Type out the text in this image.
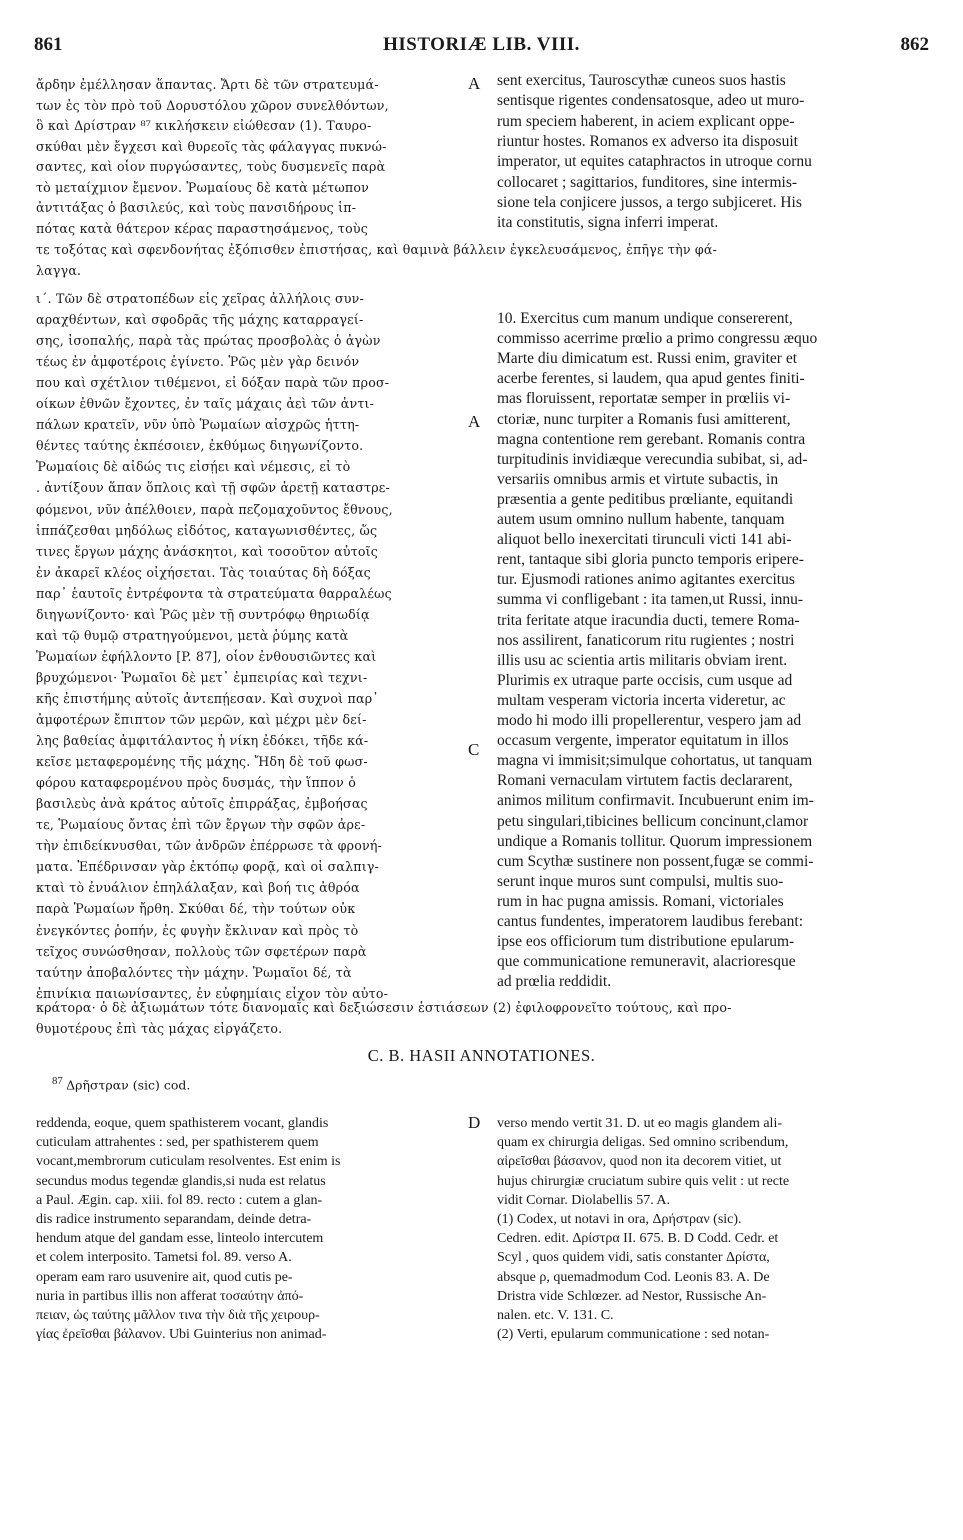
861	HISTORIÆ LIB. VIII.	862
ἄρδην ἐμέλλησαν ἅπαντας. Ἄρτι δὲ τῶν στρατευμά-
των ἐς τὸν πρὸ τοῦ Δορυστόλου χῶρον συνελθόντων,
ὃ καὶ Δρίστραν ⁸⁷ κικλήσκειν εἰώθεσαν (1). Ταυρο-
σκύθαι μὲν ἔγχεσι καὶ θυρεοῖς τὰς φάλαγγας πυκνώ-
σαντες, καὶ οἷον πυργώσαντες, τοὺς δυσμενεῖς παρὰ
τὸ μεταίχμιον ἔμενον. Ῥωμαίους δὲ κατὰ μέτωπον
ἀντιτάξας ὁ βασιλεύς, καὶ τοὺς πανσιδήρους ἱπ-
πότας κατὰ θάτερον κέρας παραστησάμενος, τοὺς
τε τοξότας καὶ σφενδονήτας ἐξόπισθεν ἐπιστήσας, καὶ θαμινὰ βάλλειν ἐγκελευσάμενος, ἐπῆγε τὴν φά-
λαγγα.
ι΄. Τῶν δὲ στρατοπέδων εἰς χεῖρας ἀλλήλοις συν-
αραχθέντων, καὶ σφοδρᾶς τῆς μάχης καταρραγεί-
σης, ἰσοπαλής, παρὰ τὰς πρώτας προσβολὰς ὁ ἀγὼν
τέως ἐν ἀμφοτέροις ἐγίνετο. Ῥῶς μὲν γὰρ δεινόν
που καὶ σχέτλιον τιθέμενοι, εἰ δόξαν παρὰ τῶν προσ-
οίκων ἐθνῶν ἔχοντες, ἐν ταῖς μάχαις ἀεὶ τῶν ἀντι-
πάλων κρατεῖν, νῦν ὑπὸ Ῥωμαίων αἰσχρῶς ἡττη-
θέντες ταύτης ἐκπέσοιεν, ἐκθύμως διηγωνίζοντο.
Ῥωμαίοις δὲ αἰδώς τις εἰσῄει καὶ νέμεσις, εἰ τὸ
. ἀντίξουν ἅπαν ὅπλοις καὶ τῇ σφῶν ἀρετῇ καταστρε-
φόμενοι, νῦν ἀπέλθοιεν, παρὰ πεζομαχοῦντος ἔθνους,
ἱππάζεσθαι μηδόλως εἰδότος, καταγωνισθέντες, ὥς
τινες ἔργων μάχης ἀνάσκητοι, καὶ τοσοῦτον αὐτοῖς
ἐν ἀκαρεῖ κλέος οἰχήσεται. Τὰς τοιαύτας δὴ δόξας
παρ᾽ ἑαυτοῖς ἐντρέφοντα τὰ στρατεύματα θαρραλέως
διηγωνίζοντο· καὶ Ῥῶς μὲν τῇ συντρόφῳ θηριωδίᾳ
καὶ τῷ θυμῷ στρατηγούμενοι, μετὰ ῥύμης κατὰ
Ῥωμαίων ἐφήλλοντο [P. 87], οἷον ἐνθουσιῶντες καὶ
βρυχώμενοι· Ῥωμαῖοι δὲ μετ᾽ ἐμπειρίας καὶ τεχνι-
κῆς ἐπιστήμης αὐτοῖς ἀντεπῄεσαν. Καὶ συχνοὶ παρ᾽
ἀμφοτέρων ἔπιπτον τῶν μερῶν, καὶ μέχρι μὲν δεί-
λης βαθείας ἀμφιτάλαντος ἡ νίκη ἐδόκει, τῆδε κά-
κεῖσε μεταφερομένης τῆς μάχης. Ἤδη δὲ τοῦ φωσ-
φόρου καταφερομένου πρὸς δυσμάς, τὴν ἵππον ὁ
βασιλεὺς ἀνὰ κράτος αὐτοῖς ἐπιρράξας, ἐμβοήσας
τε, Ῥωμαίους ὄντας ἐπὶ τῶν ἔργων τὴν σφῶν ἀρε-
τὴν ἐπιδείκνυσθαι, τῶν ἀνδρῶν ἐπέρρωσε τὰ φρονή-
ματα. Ἐπέδρινσαν γὰρ ἐκτόπῳ φορᾷ, καὶ οἱ σαλπιγ-
κταὶ τὸ ἐνυάλιον ἐπηλάλαξαν, καὶ βοή τις ἀθρόα
παρὰ Ῥωμαίων ἤρθη. Σκύθαι δέ, τὴν τούτων οὐκ
ἐνεγκόντες ῥοπήν, ἐς φυγὴν ἔκλιναν καὶ πρὸς τὸ
τεῖχος συνώσθησαν, πολλοὺς τῶν σφετέρων παρὰ
ταύτην ἀποβαλόντες τὴν μάχην. Ῥωμαῖοι δέ, τὰ
ἐπινίκια παιωνίσαντες, ἐν εὐφημίαις εἶχον τὸν αὐτο-
κράτορα· ὁ δὲ ἀξιωμάτων τότε διανομαῖς καὶ δεξιώσεσιν ἑστιάσεων (2) ἐφιλοφρονεῖτο τούτους, καὶ προ-
θυμοτέρους ἐπὶ τὰς μάχας εἰργάζετο.
sent exercitus, Tauroscythæ cuneos suos hastis
sentisque rigentes condensatosque, adeo ut muro-
rum speciem haberent, in aciem explicant oppe-
riuntur hostes. Romanos ex adverso ita disposuit
imperator, ut equites cataphractos in utroque cornu
collocaret ; sagittarios, funditores, sine intermis-
sione tela conjicere jussos, a tergo subjiceret. His
ita constitutis, signa inferri imperat.
10. Exercitus cum manum undique consererent,
commisso acerrime prœlio a primo congressu æquo
Marte diu dimicatum est. Russi enim, graviter et
acerbe ferentes, si laudem, qua apud gentes finiti-
mas floruissent, reportatæ semper in prœliis vi-
ctoriæ, nunc turpiter a Romanis fusi amitterent,
magna contentione rem gerebant. Romanis contra
turpitudinis invidiæque verecundia subibat, si, ad-
versariis omnibus armis et virtute subactis, in
præsentia a gente peditibus prœliante, equitandi
autem usum omnino nullum habente, tanquam
aliquot bello inexercitati tirunculi victi 141 abi-
rent, tantaque sibi gloria puncto temporis eripere-
tur. Ejusmodi rationes animo agitantes exercitus
summa vi confligebant : ita tamen,ut Russi, innu-
trita feritate atque iracundia ducti, temere Roma-
nos assilirent, fanaticorum ritu rugientes ; nostri
illis usu ac scientia artis militaris obviam irent.
Plurimis ex utraque parte occisis, cum usque ad
multam vesperam victoria incerta videretur, ac
modo hi modo illi propellerentur, vespero jam ad
occasum vergente, imperator equitatum in illos
magna vi immisit;simulque cohortatus, ut tanquam
Romani vernaculam virtutem factis declararent,
animos militum confirmavit. Incubuerunt enim im-
petu singulari,tibicines bellicum concinunt,clamor
undique a Romanis tollitur. Quorum impressionem
cum Scythæ sustinere non possent,fugæ se commi-
serunt inque muros sunt compulsi, multis suo-
rum in hac pugna amissis. Romani, victoriales
cantus fundentes, imperatorem laudibus ferebant:
ipse eos officiorum tum distributione epularum-
que communicatione remuneravit, alacrioresque
ad prœlia reddidit.
reddenda, eoque, quem spathisterem vocant, glandis
cuticulam attrahentes : sed, per spathisterem quem
vocant,membrorum cuticulam resolventes. Est enim is
secundus modus tegendæ glandis,si nuda est relatus
a Paul. Ægin. cap. xiii. fol 89. recto : cutem a glan-
dis radice instrumento separandam, deinde detra-
hendum atque del gandam esse, linteolo intercutem
et colem interposito. Tametsi fol. 89. verso A.
operam eam raro usuvenire ait, quod cutis pe-
nuria in partibus illis non afferat τοσαύτην ἀπό-
πειαν, ὡς ταύτης μᾶλλον τινα τὴν διὰ τῆς χειρουρ-
γίας ἐρεῖσθαι βάλανον. Ubi Guinterius non animad-
verso mendo vertit 31. D. ut eo magis glandem ali-
quam ex chirurgia deligas. Sed omnino scribendum,
αἱρεῖσθαι βάσανον, quod non ita decorem vitiet, ut
hujus chirurgiæ cruciatum subire quis velit : ut recte
vidit Cornar. Diolabellis 57. A.
(1) Codex, ut notavi in ora, Δρήστραν (sic).
Cedren. edit. Δρίστρα II. 675. B. D Codd. Cedr. et
Scyl , quos quidem vidi, satis constanter Δρίστα,
absque ρ, quemadmodum Cod. Leonis 83. A. De
Dristra vide Schlœzer. ad Nestor, Russische An-
nalen. etc. V. 131. C.
(2) Verti, epularum communicatione : sed notan-
A
A
C
D
C. B. HASII ANNOTATIONES.
$^{87}$ Δρῆστραν (sic) cod.
